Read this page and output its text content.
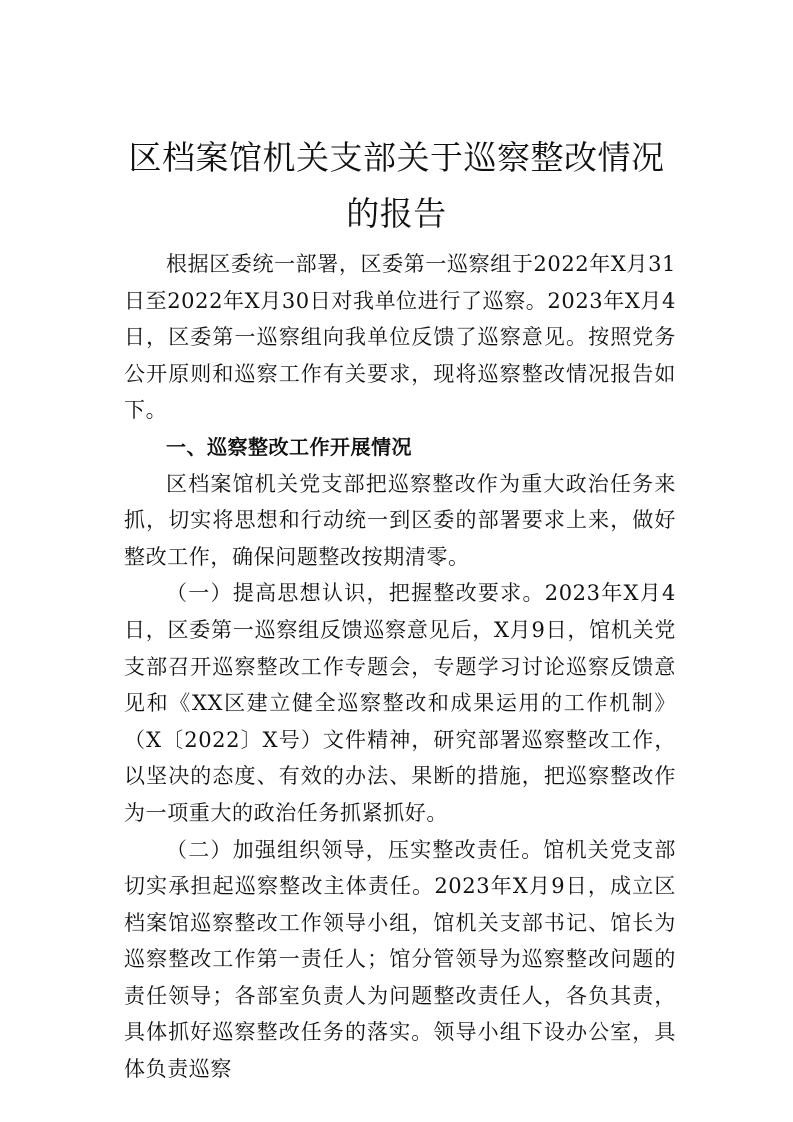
区档案馆机关支部关于巡察整改情况的报告

根据区委统一部署，区委第一巡察组于2022年X月31日至2022年X月30日对我单位进行了巡察。2023年X月4日，区委第一巡察组向我单位反馈了巡察意见。按照党务公开原则和巡察工作有关要求，现将巡察整改情况报告如下。

一、巡察整改工作开展情况

区档案馆机关党支部把巡察整改作为重大政治任务来抓，切实将思想和行动统一到区委的部署要求上来，做好整改工作，确保问题整改按期清零。

（一）提高思想认识，把握整改要求。2023年X月4日，区委第一巡察组反馈巡察意见后，X月9日，馆机关党支部召开巡察整改工作专题会，专题学习讨论巡察反馈意见和《XX区建立健全巡察整改和成果运用的工作机制》（X〔2022〕X号）文件精神，研究部署巡察整改工作，以坚决的态度、有效的办法、果断的措施，把巡察整改作为一项重大的政治任务抓紧抓好。

（二）加强组织领导，压实整改责任。馆机关党支部切实承担起巡察整改主体责任。2023年X月9日，成立区档案馆巡察整改工作领导小组，馆机关支部书记、馆长为巡察整改工作第一责任人；馆分管领导为巡察整改问题的责任领导；各部室负责人为问题整改责任人，各负其责，具体抓好巡察整改任务的落实。领导小组下设办公室，具体负责巡察
